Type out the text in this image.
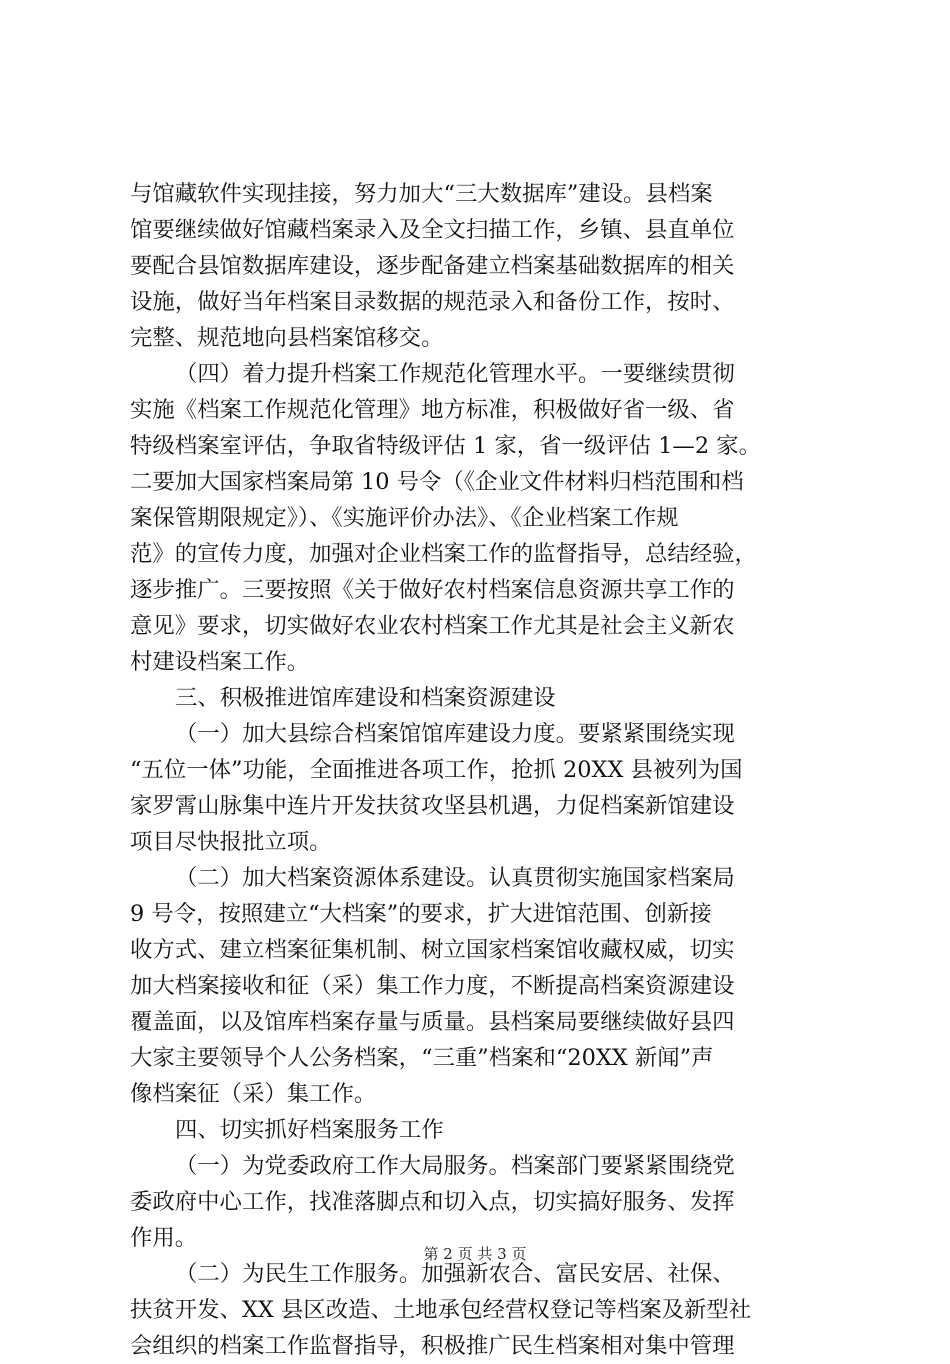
与馆藏软件实现挂接，努力加大“三大数据库”建设。县档案
馆要继续做好馆藏档案录入及全文扫描工作，乡镇、县直单位
要配合县馆数据库建设，逐步配备建立档案基础数据库的相关
设施，做好当年档案目录数据的规范录入和备份工作，按时、
完整、规范地向县档案馆移交。
（四）着力提升档案工作规范化管理水平。一要继续贯彻
实施《档案工作规范化管理》地方标准，积极做好省一级、省
特级档案室评估，争取省特级评估 1 家，省一级评估 1—2 家。
二要加大国家档案局第 10 号令（《企业文件材料归档范围和档
案保管期限规定》）、《实施评价办法》、《企业档案工作规
范》的宣传力度，加强对企业档案工作的监督指导，总结经验，
逐步推广。三要按照《关于做好农村档案信息资源共享工作的
意见》要求，切实做好农业农村档案工作尤其是社会主义新农
村建设档案工作。
三、积极推进馆库建设和档案资源建设
（一）加大县综合档案馆馆库建设力度。要紧紧围绕实现
“五位一体”功能，全面推进各项工作，抢抓 20XX 县被列为国
家罗霄山脉集中连片开发扶贫攻坚县机遇，力促档案新馆建设
项目尽快报批立项。
（二）加大档案资源体系建设。认真贯彻实施国家档案局
9 号令，按照建立“大档案”的要求，扩大进馆范围、创新接
收方式、建立档案征集机制、树立国家档案馆收藏权威，切实
加大档案接收和征（采）集工作力度，不断提高档案资源建设
覆盖面，以及馆库档案存量与质量。县档案局要继续做好县四
大家主要领导个人公务档案，“三重”档案和“20XX 新闻”声
像档案征（采）集工作。
四、切实抓好档案服务工作
（一）为党委政府工作大局服务。档案部门要紧紧围绕党
委政府中心工作，找准落脚点和切入点，切实搞好服务、发挥
作用。
（二）为民生工作服务。加强新农合、富民安居、社保、
扶贫开发、XX 县区改造、土地承包经营权登记等档案及新型社
会组织的档案工作监督指导，积极推广民生档案相对集中管理
第 2 页 共 3 页
